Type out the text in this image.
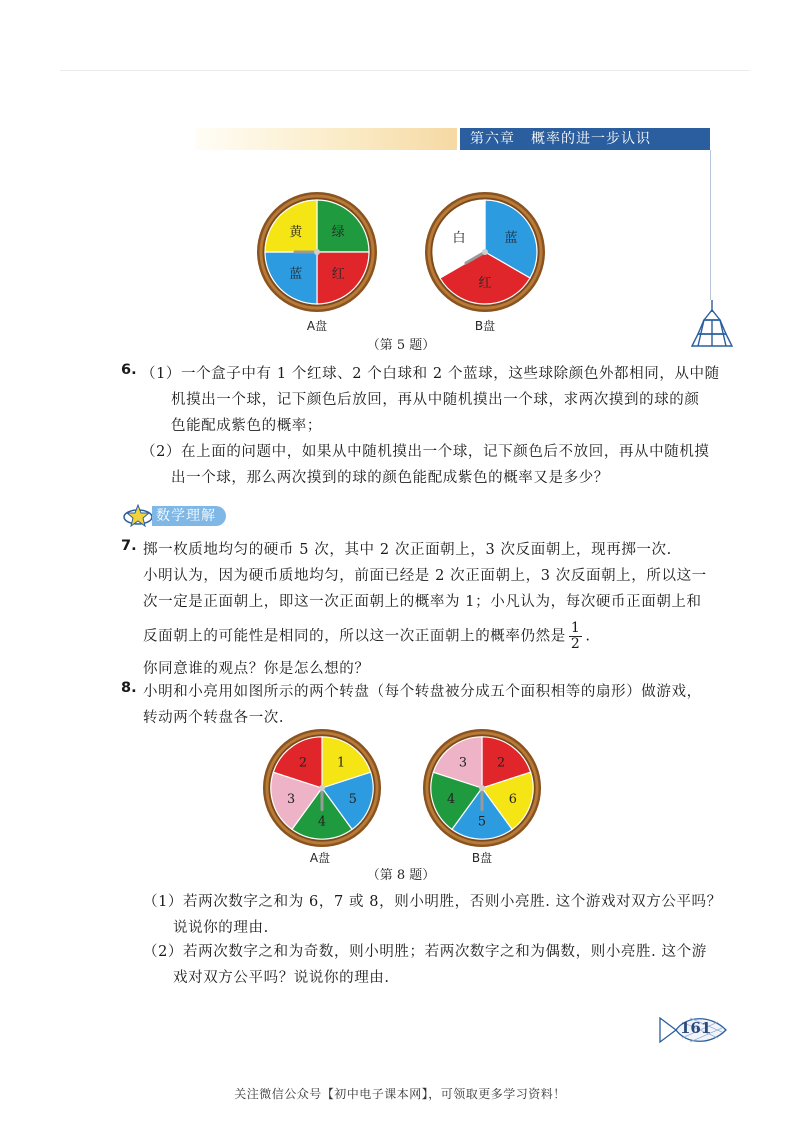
第六章 概率的进一步认识
绿
红
蓝
黄	蓝
红
白
A盘	B盘
（第 5 题）
6. （1）一个盒子中有 1 个红球、2 个白球和 2 个蓝球，这些球除颜色外都相同，从中随
机摸出一个球，记下颜色后放回，再从中随机摸出一个球，求两次摸到的球的颜
色能配成紫色的概率；
（2）在上面的问题中，如果从中随机摸出一个球，记下颜色后不放回，再从中随机摸
出一个球，那么两次摸到的球的颜色能配成紫色的概率又是多少？
数学理解
7. 掷一枚质地均匀的硬币 5 次，其中 2 次正面朝上，3 次反面朝上，现再掷一次.
小明认为，因为硬币质地均匀，前面已经是 2 次正面朝上，3 次反面朝上，所以这一
次一定是正面朝上，即这一次正面朝上的概率为 1；小凡认为，每次硬币正面朝上和
反面朝上的可能性是相同的，所以这一次正面朝上的概率仍然是 $\frac{1}{2}$ .
你同意谁的观点？你是怎么想的？
8. 小明和小亮用如图所示的两个转盘（每个转盘被分成五个面积相等的扇形）做游戏，
转动两个转盘各一次.
1
5
4
3
2	2
6
5
4
3
A盘	B盘
（第 8 题）
（1）若两次数字之和为 6，7 或 8，则小明胜，否则小亮胜. 这个游戏对双方公平吗？
说说你的理由.
（2）若两次数字之和为奇数，则小明胜；若两次数字之和为偶数，则小亮胜. 这个游
戏对双方公平吗？说说你的理由.
161
关注微信公众号【初中电子课本网】，可领取更多学习资料！
